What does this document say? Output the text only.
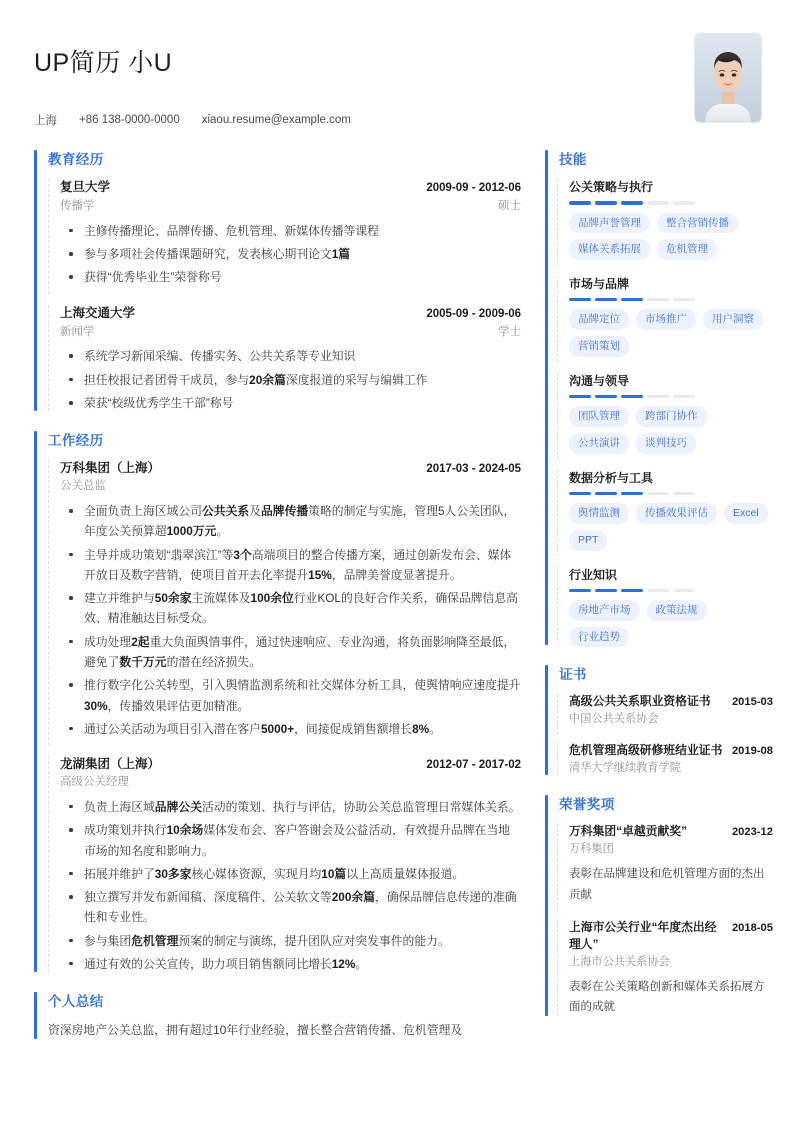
UP简历 小U
上海 +86 138-0000-0000 xiaou.resume@example.com
教育经历
复旦大学	2009-09 - 2012-06
传播学	硕士
主修传播理论、品牌传播、危机管理、新媒体传播等课程
参与多项社会传播课题研究，发表核心期刊论文1篇
获得“优秀毕业生”荣誉称号
上海交通大学	2005-09 - 2009-06
新闻学	学士
系统学习新闻采编、传播实务、公共关系等专业知识
担任校报记者团骨干成员，参与20余篇深度报道的采写与编辑工作
荣获“校级优秀学生干部”称号
工作经历
万科集团（上海）	2017-03 - 2024-05
公关总监
全面负责上海区域公司公共关系及品牌传播策略的制定与实施，管理5人公关团队，年度公关预算超1000万元。
主导并成功策划“翡翠滨江”等3个高端项目的整合传播方案，通过创新发布会、媒体开放日及数字营销，使项目首开去化率提升15%，品牌美誉度显著提升。
建立并维护与50余家主流媒体及100余位行业KOL的良好合作关系，确保品牌信息高效、精准触达目标受众。
成功处理2起重大负面舆情事件，通过快速响应、专业沟通，将负面影响降至最低，避免了数千万元的潜在经济损失。
推行数字化公关转型，引入舆情监测系统和社交媒体分析工具，使舆情响应速度提升30%，传播效果评估更加精准。
通过公关活动为项目引入潜在客户5000+，间接促成销售额增长8%。
龙湖集团（上海）	2012-07 - 2017-02
高级公关经理
负责上海区域品牌公关活动的策划、执行与评估，协助公关总监管理日常媒体关系。
成功策划并执行10余场媒体发布会、客户答谢会及公益活动，有效提升品牌在当地市场的知名度和影响力。
拓展并维护了30多家核心媒体资源，实现月均10篇以上高质量媒体报道。
独立撰写并发布新闻稿、深度稿件、公关软文等200余篇，确保品牌信息传递的准确性和专业性。
参与集团危机管理预案的制定与演练，提升团队应对突发事件的能力。
通过有效的公关宣传，助力项目销售额同比增长12%。
个人总结
资深房地产公关总监，拥有超过10年行业经验，擅长整合营销传播、危机管理及
技能
公关策略与执行
品牌声誉管理	整合营销传播
媒体关系拓展	危机管理
市场与品牌
品牌定位	市场推广	用户洞察
营销策划
沟通与领导
团队管理	跨部门协作
公共演讲	谈判技巧
数据分析与工具
舆情监测	传播效果评估	Excel
PPT
行业知识
房地产市场	政策法规
行业趋势
证书
高级公共关系职业资格证书 2015-03
中国公共关系协会
危机管理高级研修班结业证书 2019-08
清华大学继续教育学院
荣誉奖项
万科集团“卓越贡献奖”	2023-12
万科集团
表彰在品牌建设和危机管理方面的杰出贡献
上海市公关行业“年度杰出经理人”
2018-05
上海市公共关系协会
表彰在公关策略创新和媒体关系拓展方面的成就
